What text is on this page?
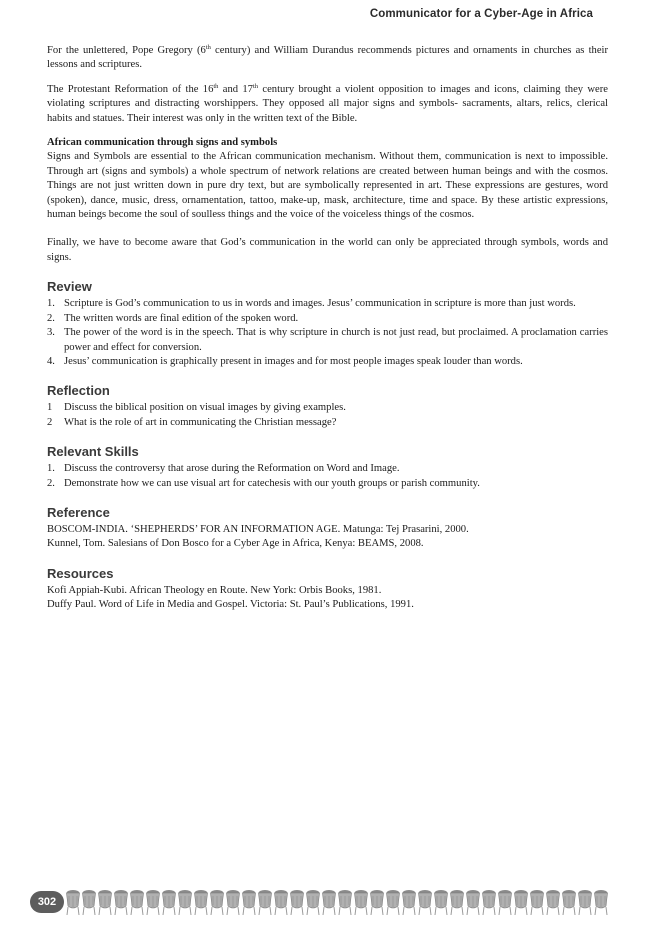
Communicator for a Cyber-Age in Africa

For the unlettered, Pope Gregory (6th century) and William Durandus recommends pictures and ornaments in churches as their lessons and scriptures.

The Protestant Reformation of the 16th and 17th century brought a violent opposition to images and icons, claiming they were violating scriptures and distracting worshippers. They opposed all major signs and symbols- sacraments, altars, relics, clerical habits and statues. Their interest was only in the written text of the Bible.

African communication through signs and symbols

Signs and Symbols are essential to the African communication mechanism. Without them, communication is next to impossible. Through art (signs and symbols) a whole spectrum of network relations are created between human beings and with the cosmos. Things are not just written down in pure dry text, but are symbolically represented in art. These expressions are gestures, word (spoken), dance, music, dress, ornamentation, tattoo, make-up, mask, architecture, time and space. By these artistic expressions, human beings become the soul of soulless things and the voice of the voiceless things of the cosmos.

Finally, we have to become aware that God’s communication in the world can only be appreciated through symbols, words and signs.

Review
1. Scripture is God’s communication to us in words and images. Jesus’ communication in scripture is more than just words.
2. The written words are final edition of the spoken word.
3. The power of the word is in the speech. That is why scripture in church is not just read, but proclaimed. A proclamation carries power and effect for conversion.
4. Jesus’ communication is graphically present in images and for most people images speak louder than words.
Reflection
1	Discuss the biblical position on visual images by giving examples.
2	What is the role of art in communicating the Christian message?
Relevant Skills
1. Discuss the controversy that arose during the Reformation on Word and Image.
2. Demonstrate how we can use visual art for catechesis with our youth groups or parish community.
Reference
BOSCOM-INDIA. ‘SHEPHERDS’ FOR AN INFORMATION AGE. Matunga: Tej Prasarini, 2000.
Kunnel, Tom. Salesians of Don Bosco for a Cyber Age in Africa, Kenya: BEAMS, 2008.
Resources
Kofi Appiah-Kubi. African Theology en Route. New York: Orbis Books, 1981.
Duffy Paul. Word of Life in Media and Gospel. Victoria: St. Paul’s Publications, 1991.
302
